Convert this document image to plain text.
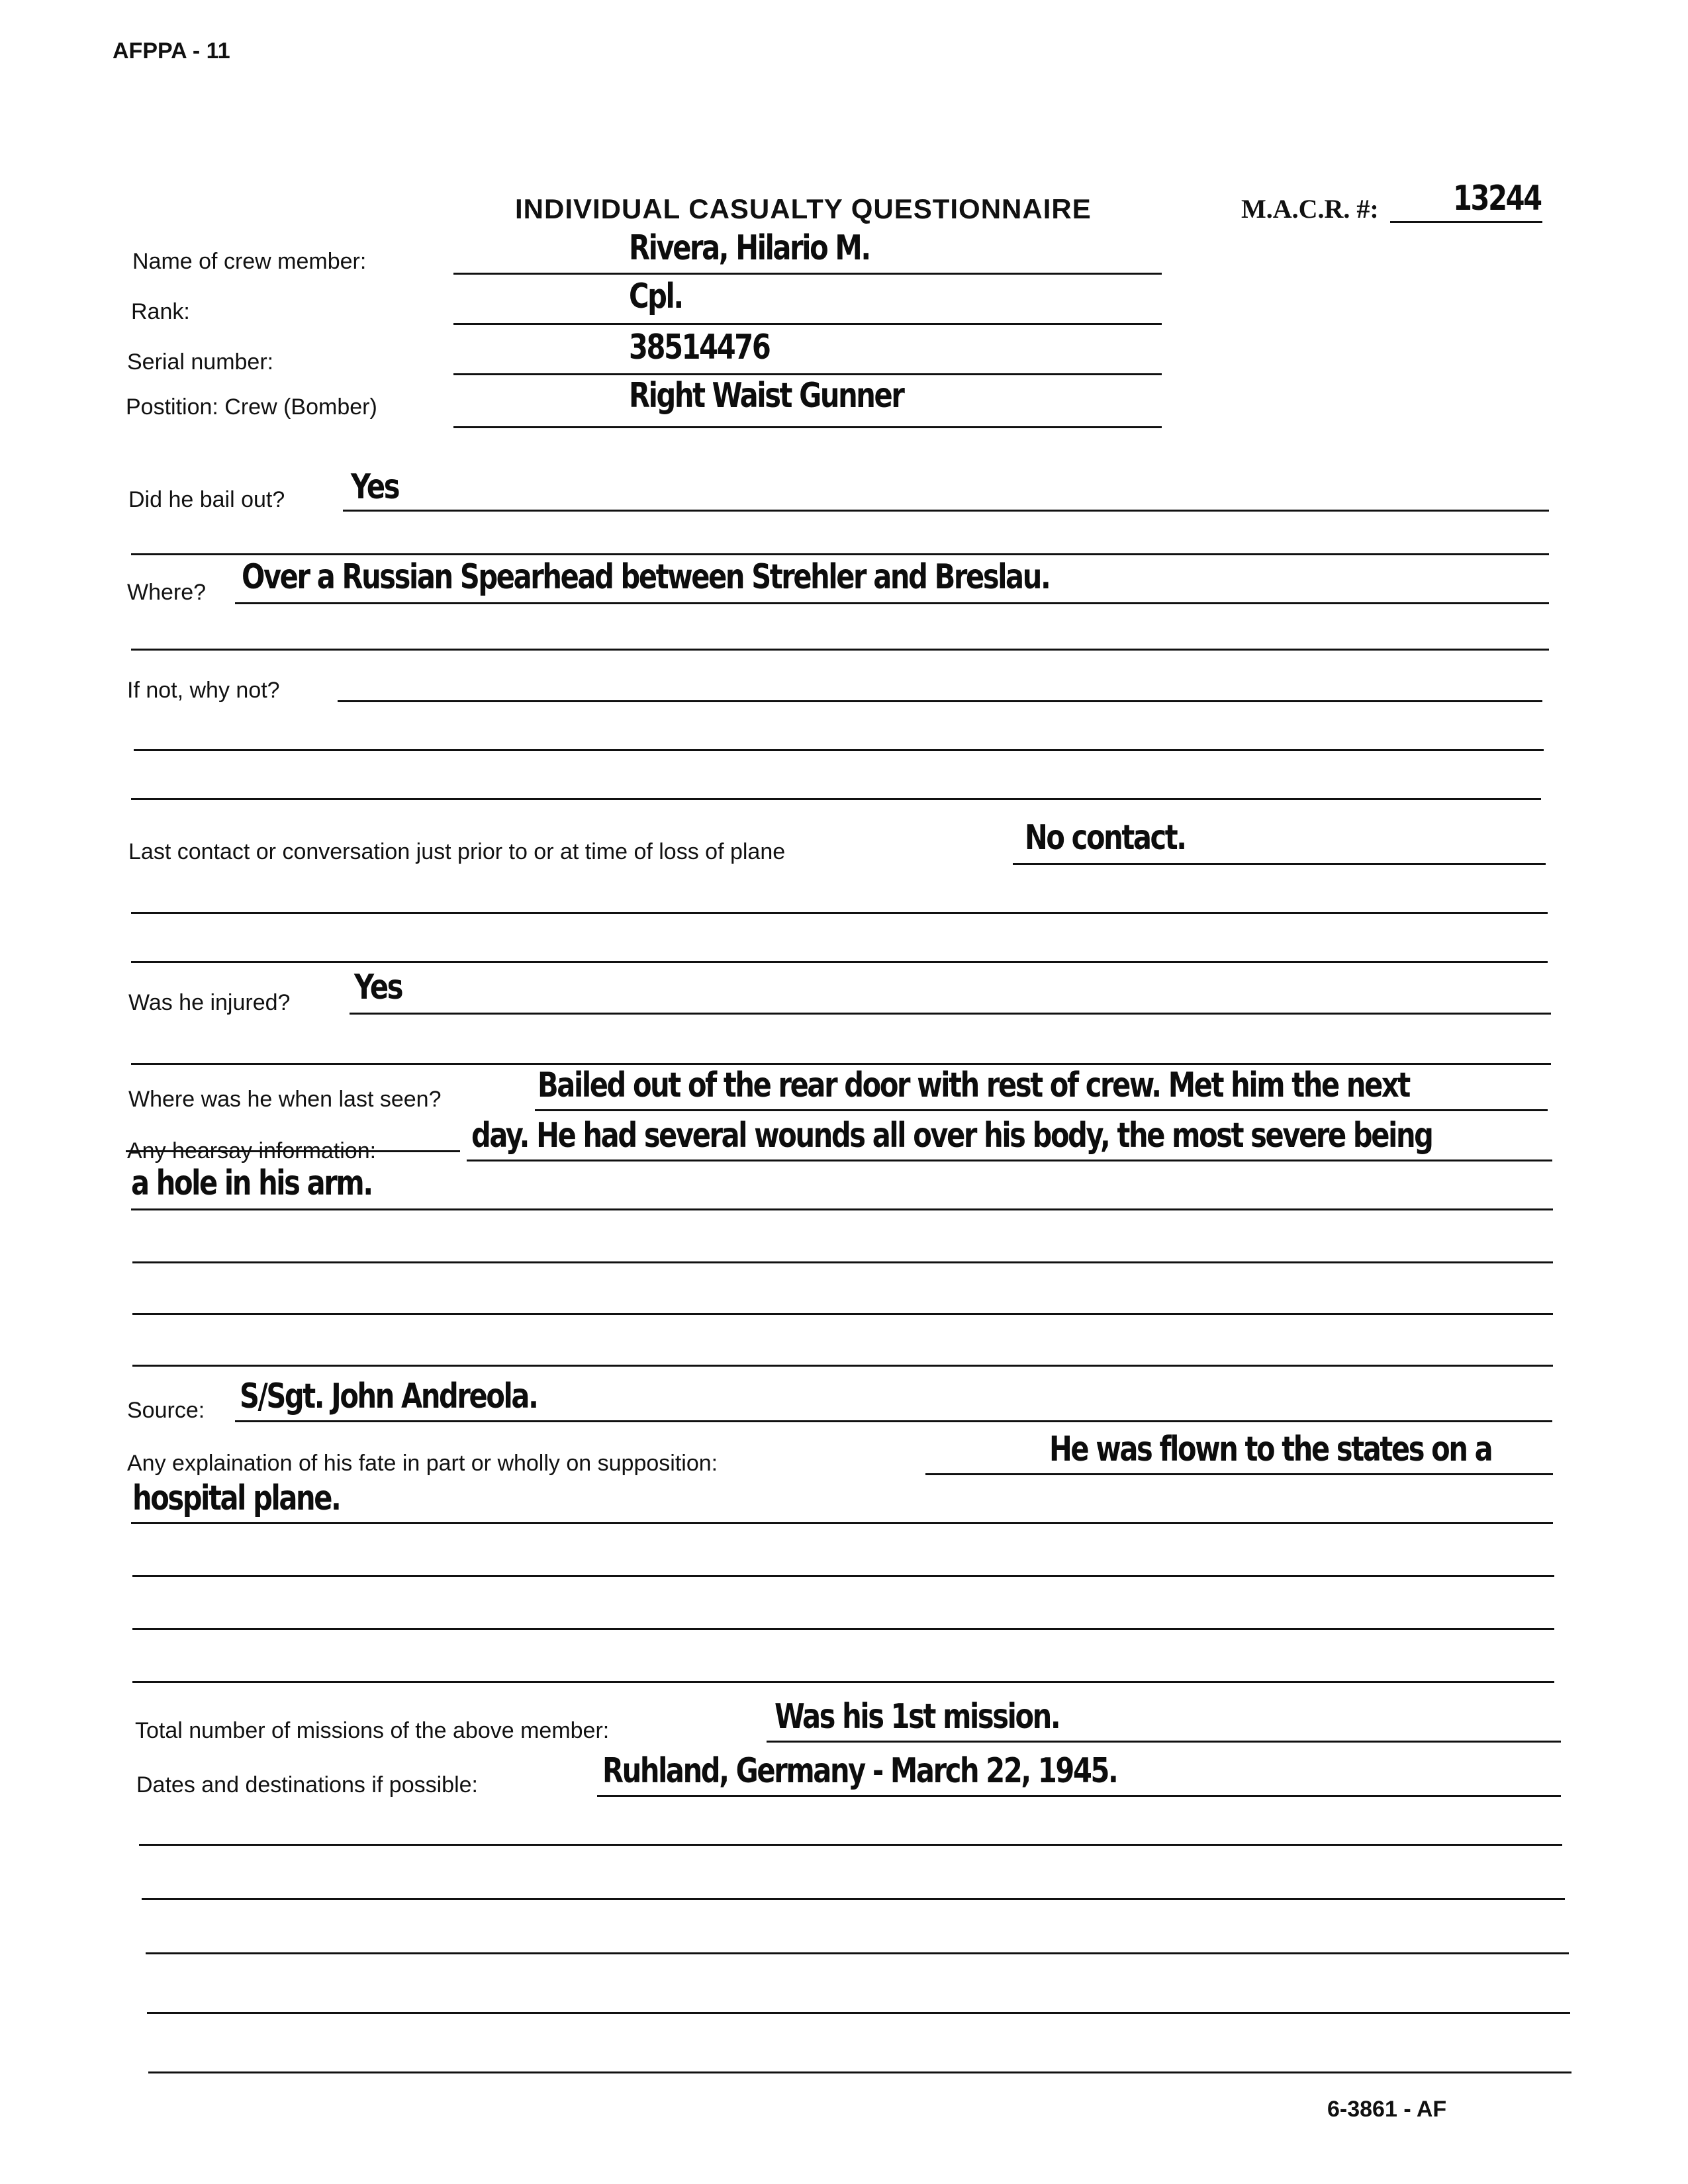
AFPPA - 11
INDIVIDUAL CASUALTY QUESTIONNAIRE	M.A.C.R. #: 13244
Name of crew member:	Rivera, Hilario M.
Rank:	Cpl.
Serial number:	38514476
Postition: Crew (Bomber)	Right Waist Gunner
Did he bail out? Yes
Where? Over a Russian Spearhead between Strehler and Breslau.
If not, why not?
Last contact or conversation just prior to or at time of loss of plane	No contact.
Was he injured? Yes
Where was he when last seen?	Bailed out of the rear door with rest of crew. Met him the next
Any hearsay information:	day. He had several wounds all over his body, the most severe being
a hole in his arm.
Source: S/Sgt. John Andreola.
Any explaination of his fate in part or wholly on supposition:	He was flown to the states on a
hospital plane.
Total number of missions of the above member:	Was his 1st mission.
Dates and destinations if possible:	Ruhland, Germany - March 22, 1945.
6-3861 - AF
